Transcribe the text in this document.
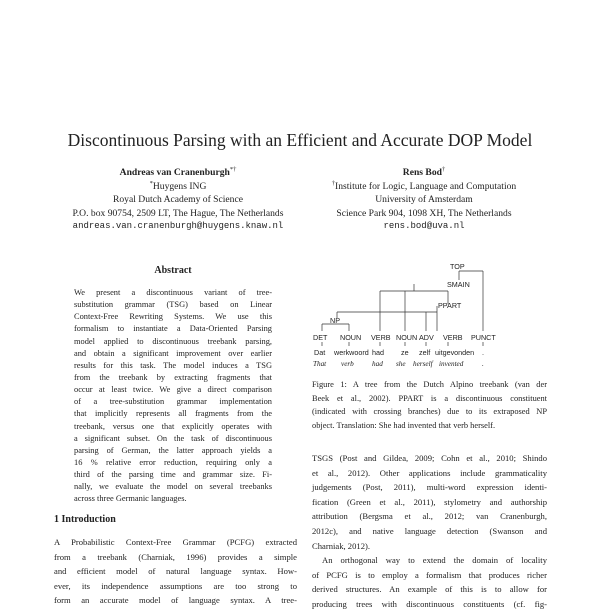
Discontinuous Parsing with an Efficient and Accurate DOP Model
Andreas van Cranenburgh*†
*Huygens ING
Royal Dutch Academy of Science
P.O. box 90754, 2509 LT, The Hague, The Netherlands
andreas.van.cranenburgh@huygens.knaw.nl
Rens Bod†
†Institute for Logic, Language and Computation
University of Amsterdam
Science Park 904, 1098 XH, The Netherlands
rens.bod@uva.nl
Abstract
We present a discontinuous variant of tree-
substitution grammar (TSG) based on Linear
Context-Free Rewriting Systems. We use this
formalism to instantiate a Data-Oriented Parsing
model applied to discontinuous treebank parsing,
and obtain a significant improvement over earlier
results for this task. The model induces a TSG
from the treebank by extracting fragments that
occur at least twice. We give a direct comparison
of a tree-substitution grammar implementation
that implicitly represents all fragments from the
treebank, versus one that explicitly operates with
a significant subset. On the task of discontinuous
parsing of German, the latter approach yields a
16 % relative error reduction, requiring only a
third of the parsing time and grammar size. Fi-
nally, we evaluate the model on several treebanks
across three Germanic languages.
1 Introduction
A Probabilistic Context-Free Grammar (PCFG) extracted
from a treebank (Charniak, 1996) provides a simple
and efficient model of natural language syntax. How-
ever, its independence assumptions are too strong to
form an accurate model of language syntax. A tree-
TOP
SMAIN
PPART
NP
DET NOUN VERB NOUN ADV VERB PUNCT
Dat werkwoord had ze zelf uitgevonden .
That verb	had she herself invented	.
Figure 1: A tree from the Dutch Alpino treebank (van der
Beek et al., 2002). PPART is a discontinuous constituent
(indicated with crossing branches) due to its extraposed NP
object. Translation: She had invented that verb herself.
TSGS (Post and Gildea, 2009; Cohn et al., 2010; Shindo
et al., 2012). Other applications include grammaticality
judgements (Post, 2011), multi-word expression identi-
fication (Green et al., 2011), stylometry and authorship
attribution (Bergsma et al., 2012; van Cranenburgh,
2012c), and native language detection (Swanson and
Charniak, 2012).
An orthogonal way to extend the domain of locality
of PCFG is to employ a formalism that produces richer
derived structures. An example of this is to allow for
producing trees with discontinuous constituents (cf. fig-
